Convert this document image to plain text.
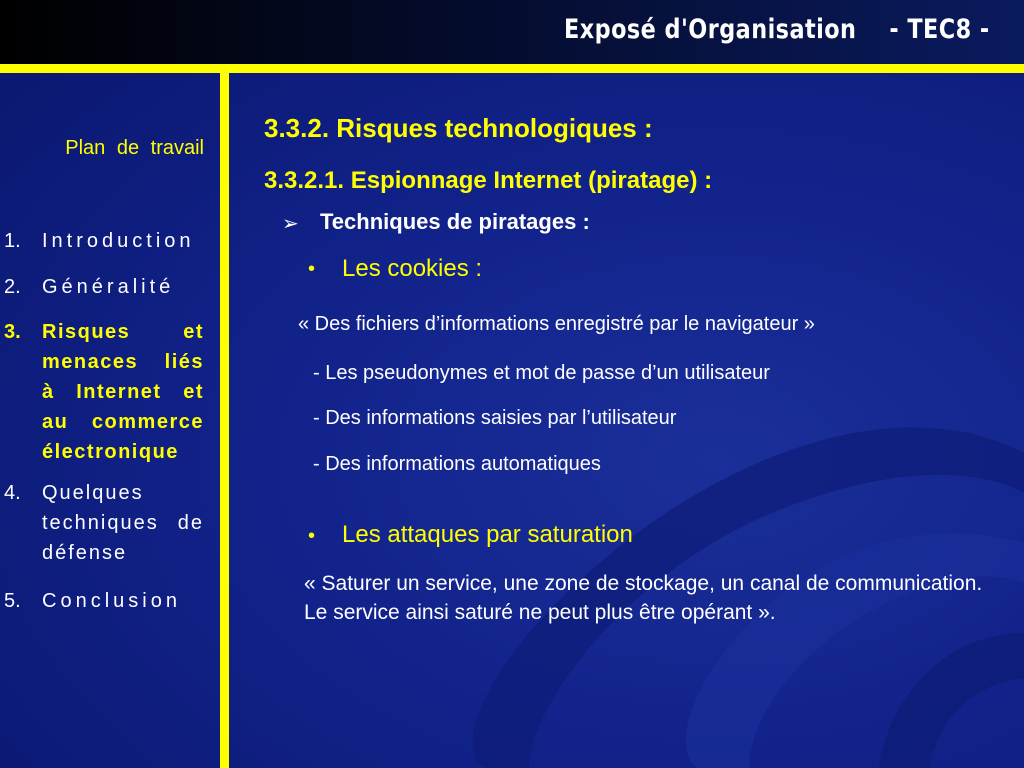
Exposé d'Organisation    - TEC8 -
Plan de travail
1. Introduction
2. Généralité
3. Risques et menaces liés à Internet et au commerce électronique
4. Quelques techniques de défense
5. Conclusion
3.3.2. Risques technologiques :
3.3.2.1. Espionnage Internet (piratage) :
➢ Techniques de piratages :
• Les cookies :
« Des fichiers d’informations enregistré par le navigateur »
- Les pseudonymes et mot de passe d’un utilisateur
- Des informations saisies par l’utilisateur
- Des informations automatiques
• Les attaques par saturation
« Saturer un service, une zone de stockage, un canal de communication. Le service ainsi saturé ne peut plus être opérant ».
